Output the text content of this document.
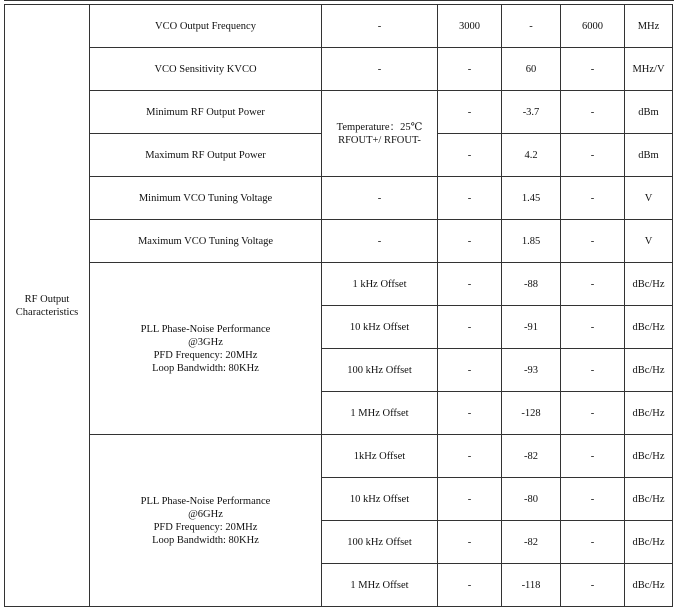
RF Output
Characteristics	VCO Output Frequency	-	3000	-	6000	MHz
	VCO Sensitivity KVCO	-	-	60	-	MHz/V
	Minimum RF Output Power	Temperature：25℃
RFOUT+/ RFOUT-	-	-3.7	-	dBm
	Maximum RF Output Power		-	4.2	-	dBm
	Minimum VCO Tuning Voltage	-	-	1.45	-	V
	Maximum VCO Tuning Voltage	-	-	1.85	-	V
	PLL Phase-Noise Performance
@3GHz
PFD Frequency: 20MHz
Loop Bandwidth: 80KHz	1 kHz Offset	-	-88	-	dBc/Hz
		10 kHz Offset	-	-91	-	dBc/Hz
		100 kHz Offset	-	-93	-	dBc/Hz
		1 MHz Offset	-	-128	-	dBc/Hz
	PLL Phase-Noise Performance
@6GHz
PFD Frequency: 20MHz
Loop Bandwidth: 80KHz	1kHz Offset	-	-82	-	dBc/Hz
		10 kHz Offset	-	-80	-	dBc/Hz
		100 kHz Offset	-	-82	-	dBc/Hz
		1 MHz Offset	-	-118	-	dBc/Hz
